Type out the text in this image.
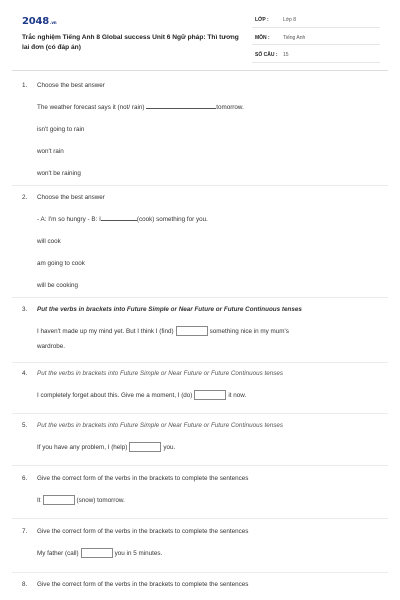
2048.vn
Trắc nghiệm Tiếng Anh 8 Global success Unit 6 Ngữ pháp: Thì tương lai đơn (có đáp án)
LỚP :	Lớp 8
MÔN :	Tiếng Anh
SỐ CÂU : 15
1. Choose the best answer
The weather forecast says it (not/ rain)	tomorrow.
isn't going to rain
won't rain
won't be raining
2. Choose the best answer
- A: I'm so hungry - B: I	(cook) something for you.
will cook
am going to cook
will be cooking
3. Put the verbs in brackets into Future Simple or Near Future or Future Continuous tenses
I haven't made up my mind yet. But I think I (find)	something nice in my mum's
wardrobe.
4. Put the verbs in brackets into Future Simple or Near Future or Future Continuous tenses
I completely forget about this. Give me a moment, I (do)	it now.
5. Put the verbs in brackets into Future Simple or Near Future or Future Continuous tenses
If you have any problem, I (help)	you.
6. Give the correct form of the verbs in the brackets to complete the sentences
It	(snow) tomorrow.
7. Give the correct form of the verbs in the brackets to complete the sentences
My father (call)	you in 5 minutes.
8. Give the correct form of the verbs in the brackets to complete the sentences
